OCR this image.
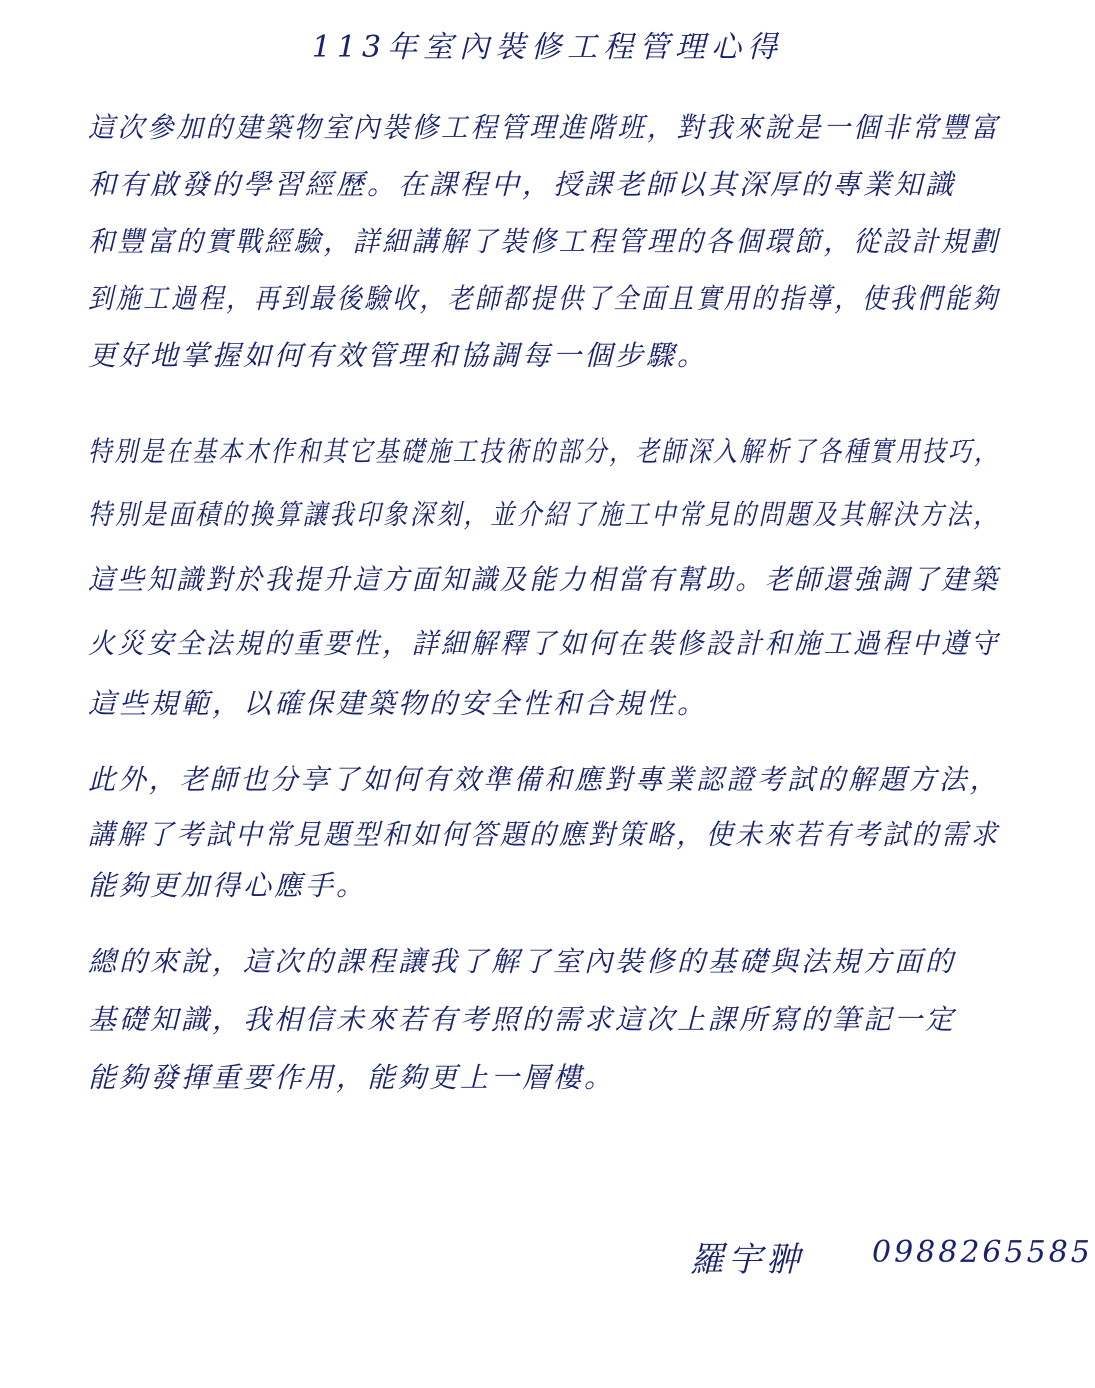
113年室內裝修工程管理心得
這次參加的建築物室內裝修工程管理進階班，對我來說是一個非常豐富
和有啟發的學習經歷。在課程中，授課老師以其深厚的專業知識
和豐富的實戰經驗，詳細講解了裝修工程管理的各個環節，從設計規劃
到施工過程，再到最後驗收，老師都提供了全面且實用的指導，使我們能夠
更好地掌握如何有效管理和協調每一個步驟。
特別是在基本木作和其它基礎施工技術的部分，老師深入解析了各種實用技巧，
特別是面積的換算讓我印象深刻，並介紹了施工中常見的問題及其解決方法，
這些知識對於我提升這方面知識及能力相當有幫助。老師還強調了建築
火災安全法規的重要性，詳細解釋了如何在裝修設計和施工過程中遵守
這些規範，以確保建築物的安全性和合規性。
此外，老師也分享了如何有效準備和應對專業認證考試的解題方法，
講解了考試中常見題型和如何答題的應對策略，使未來若有考試的需求
能夠更加得心應手。
總的來說，這次的課程讓我了解了室內裝修的基礎與法規方面的
基礎知識，我相信未來若有考照的需求這次上課所寫的筆記一定
能夠發揮重要作用，能夠更上一層樓。
羅宇翀 0988265585
